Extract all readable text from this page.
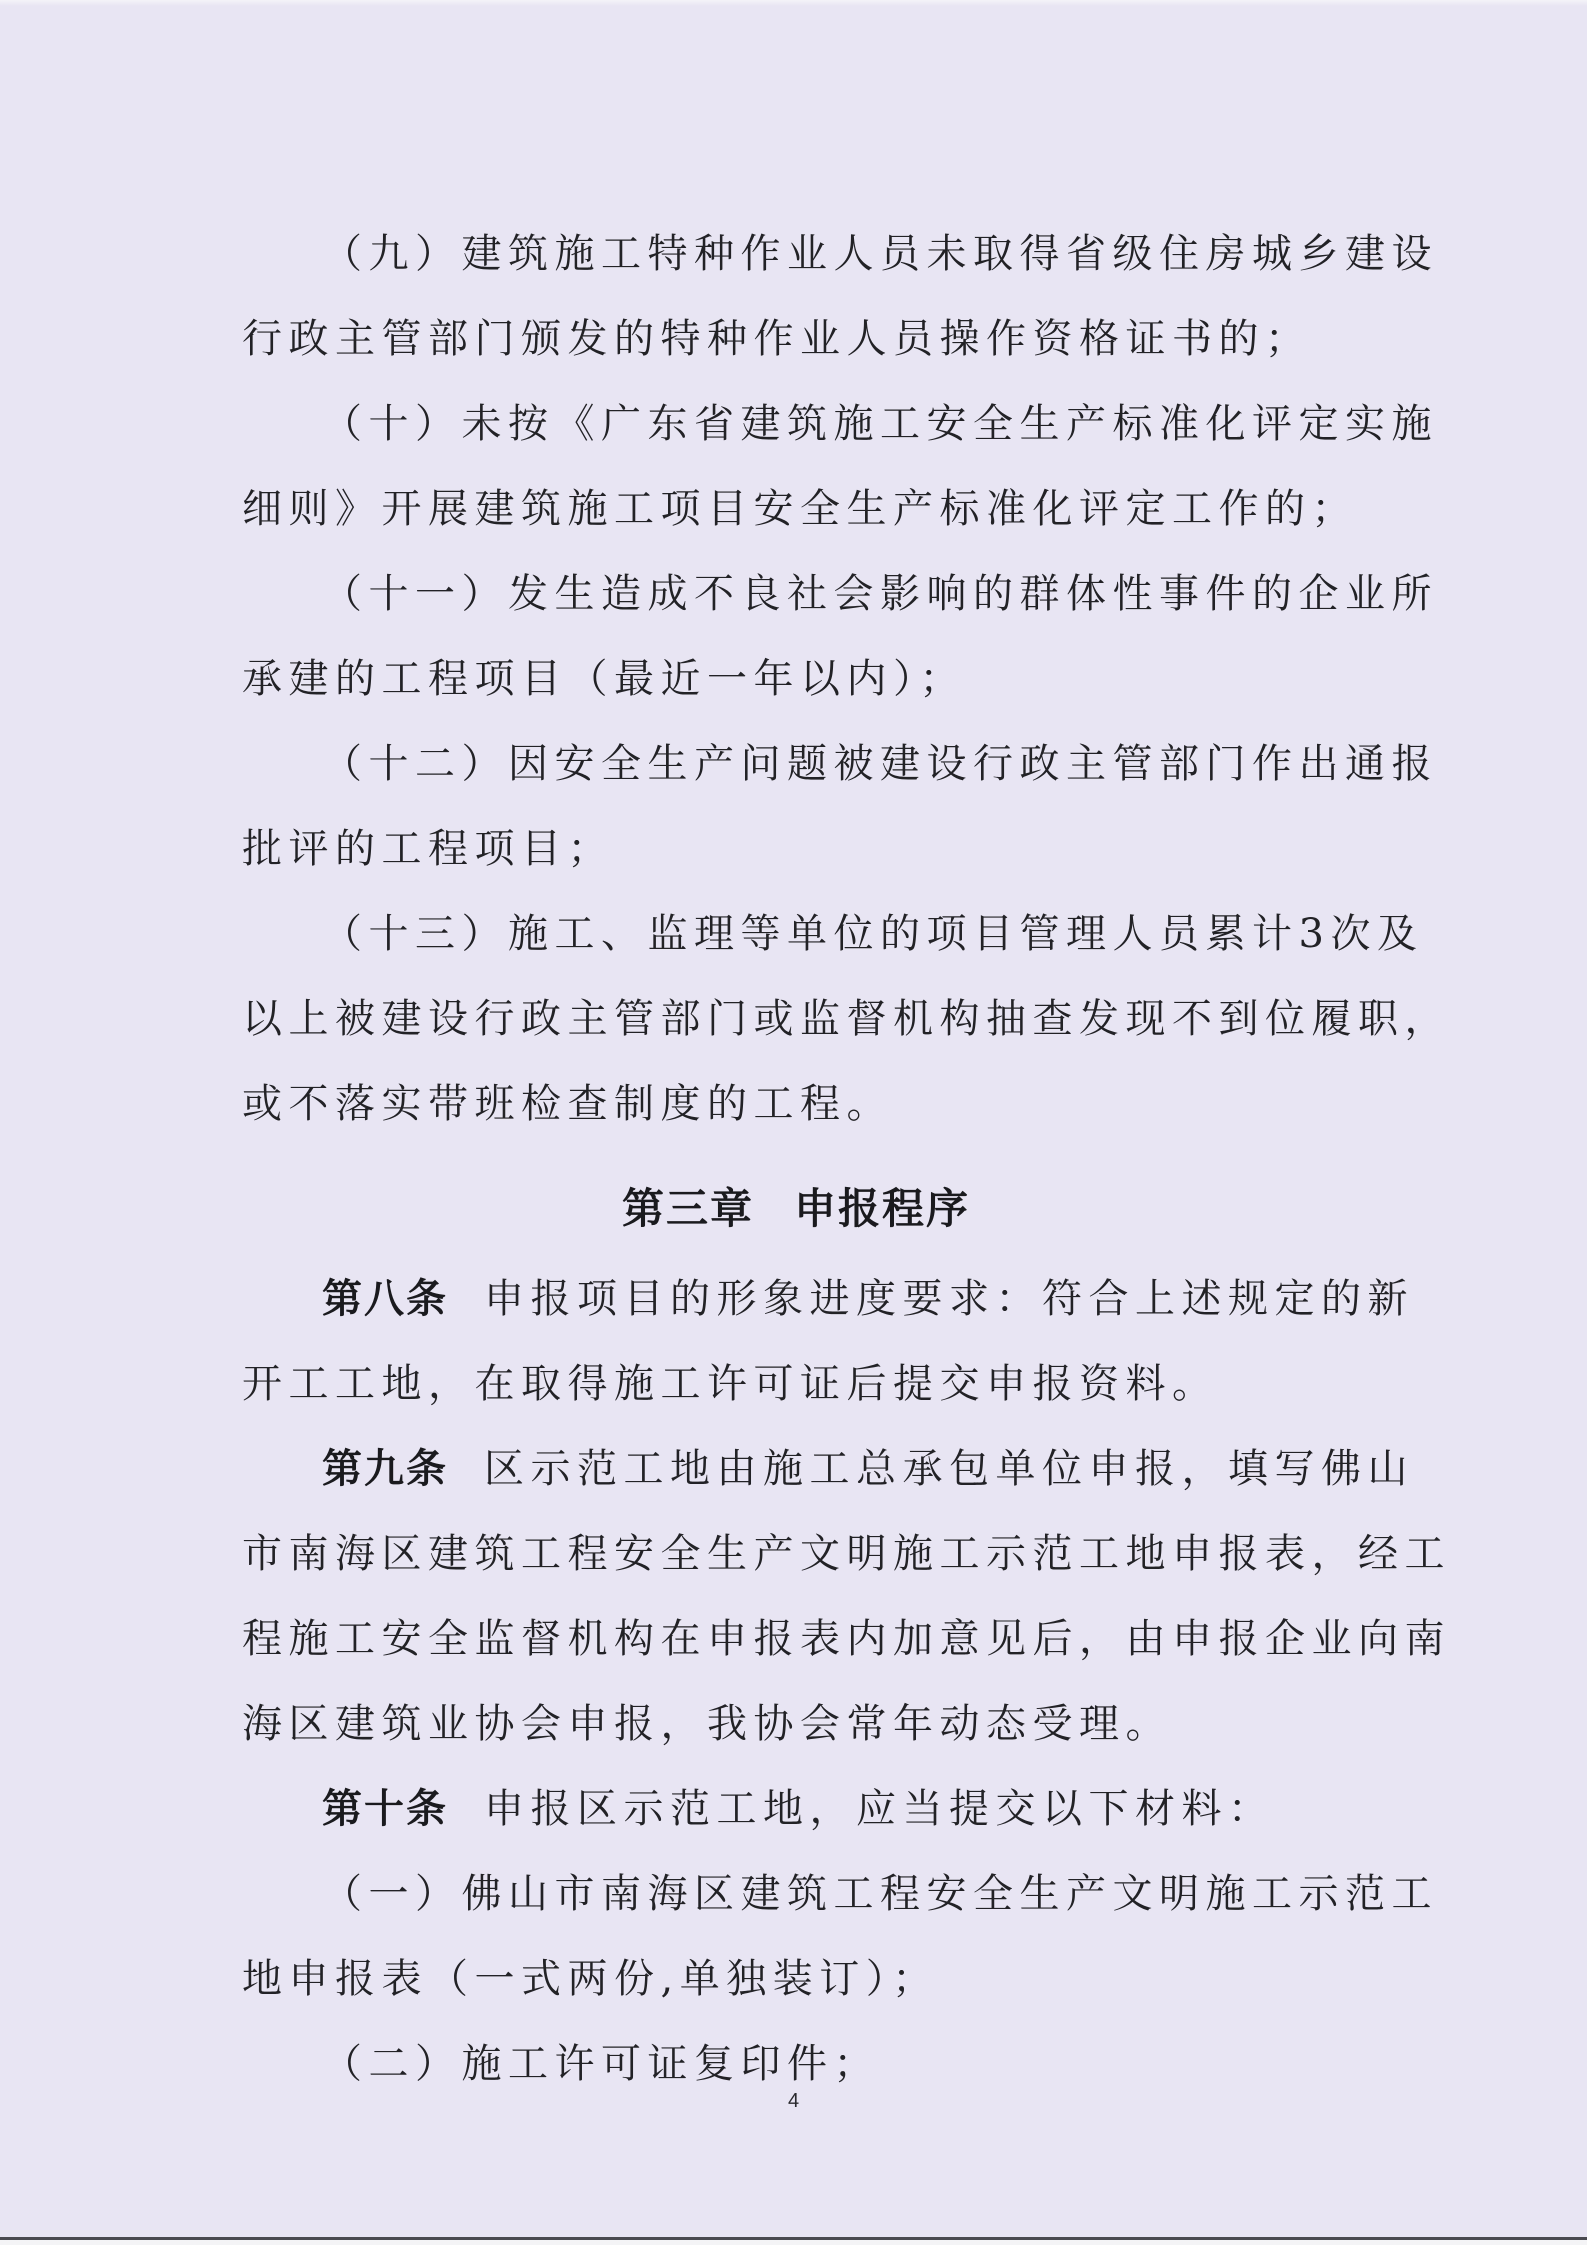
（九）建筑施工特种作业人员未取得省级住房城乡建设
行政主管部门颁发的特种作业人员操作资格证书的；
（十）未按《广东省建筑施工安全生产标准化评定实施
细则》开展建筑施工项目安全生产标准化评定工作的；
（十一）发生造成不良社会影响的群体性事件的企业所
承建的工程项目（最近一年以内）；
（十二）因安全生产问题被建设行政主管部门作出通报
批评的工程项目；
（十三）施工、监理等单位的项目管理人员累计3次及
以上被建设行政主管部门或监督机构抽查发现不到位履职，
或不落实带班检查制度的工程。
第三章 申报程序
第八条 申报项目的形象进度要求：符合上述规定的新
开工工地，在取得施工许可证后提交申报资料。
第九条 区示范工地由施工总承包单位申报，填写佛山
市南海区建筑工程安全生产文明施工示范工地申报表，经工
程施工安全监督机构在申报表内加意见后，由申报企业向南
海区建筑业协会申报，我协会常年动态受理。
第十条 申报区示范工地，应当提交以下材料：
（一）佛山市南海区建筑工程安全生产文明施工示范工
地申报表（一式两份,单独装订）；
（二）施工许可证复印件；
4
